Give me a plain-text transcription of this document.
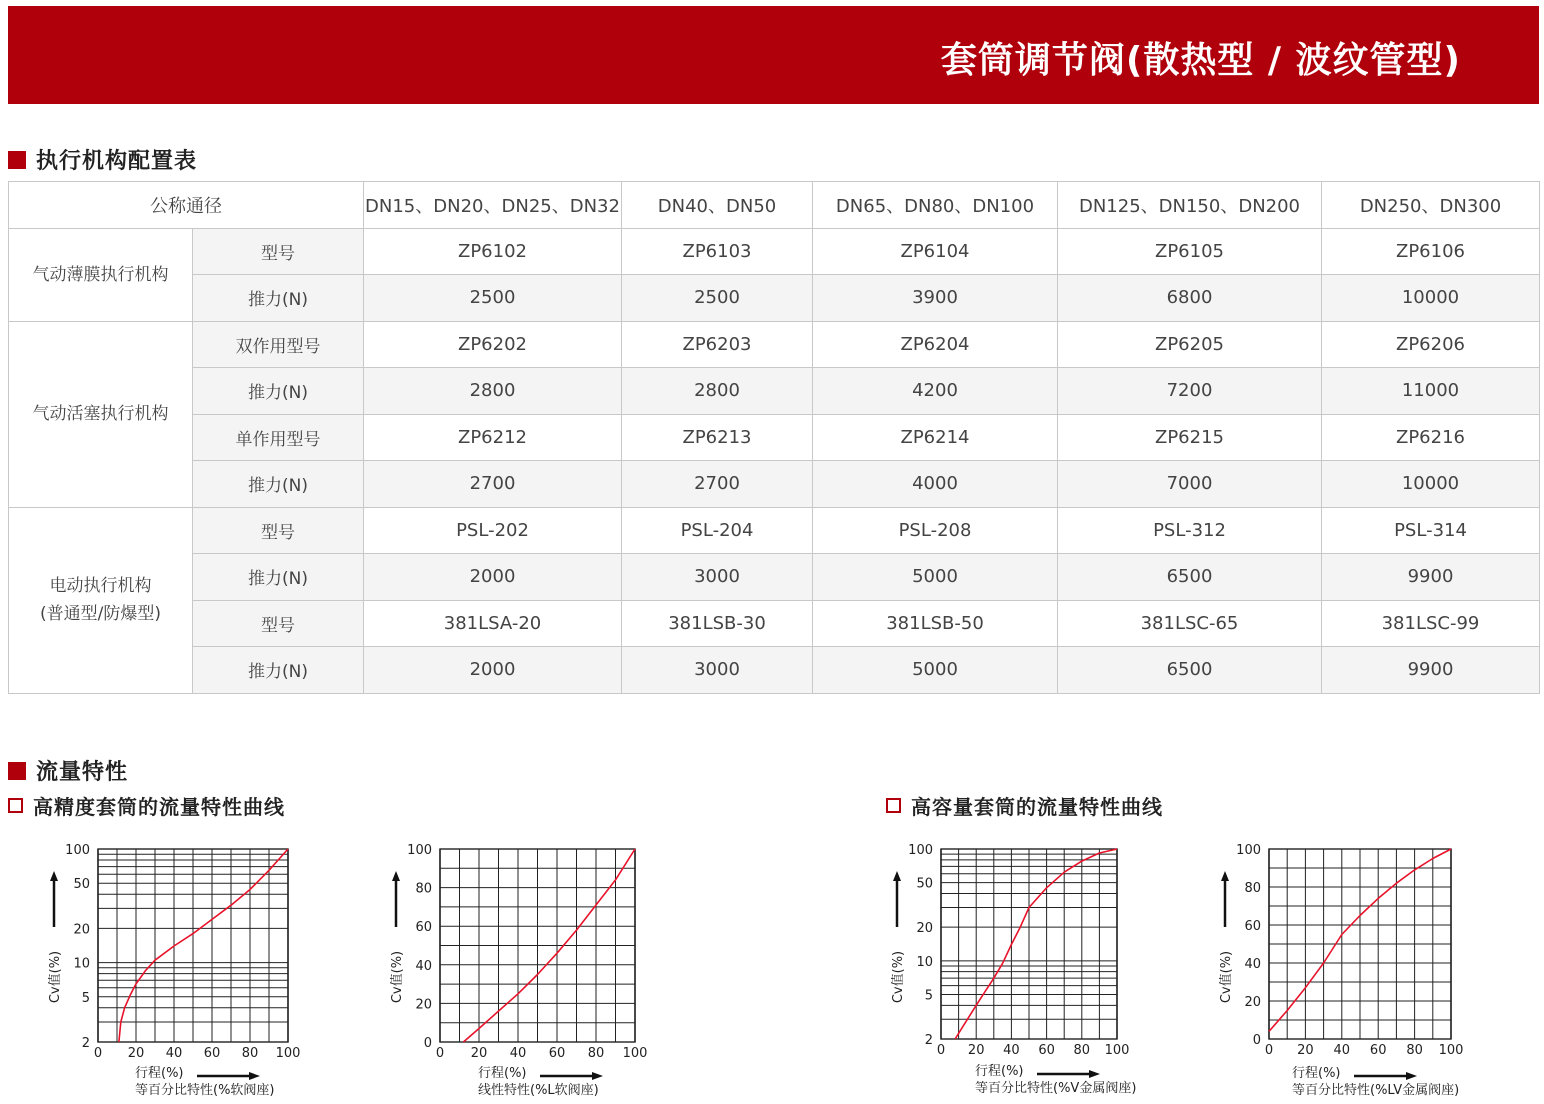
套筒调节阀(散热型 / 波纹管型)
执行机构配置表
公称通径		DN15、DN20、DN25、DN32	DN40、DN50	DN65、DN80、DN100	DN125、DN150、DN200	DN250、DN300

气动薄膜执行机构	型号	ZP6102	ZP6103	ZP6104	ZP6105	ZP6106
	推力(N)	2500	2500	3900	6800	10000

气动活塞执行机构	双作用型号	ZP6202	ZP6203	ZP6204	ZP6205	ZP6206
	推力(N)	2800	2800	4200	7200	11000
	单作用型号	ZP6212	ZP6213	ZP6214	ZP6215	ZP6216
	推力(N)	2700	2700	4000	7000	10000

电动执行机构
(普通型/防爆型)	型号	PSL-202	PSL-204	PSL-208	PSL-312	PSL-314
	推力(N)	2000	3000	5000	6500	9900
	型号	381LSA-20	381LSB-30	381LSB-50	381LSC-65	381LSC-99
	推力(N)	2000	3000	5000	6500	9900
流量特性
高精度套筒的流量特性曲线	高容量套筒的流量特性曲线
100
50
20
10
5
2
0 20 40 60 80 100
Cv值(%)
行程(%)
等百分比特性(%软阀座)
100
80
60
40
20
0
0 20 40 60 80 100
Cv值(%)
行程(%)
线性特性(%L软阀座)
100
50
20
10
5
2
0 20 40 60 80 100
Cv值(%)
行程(%)
等百分比特性(%V金属阀座)
100
80
60
40
20
0
0 20 40 60 80 100
Cv值(%)
行程(%)
等百分比特性(%LV金属阀座)
